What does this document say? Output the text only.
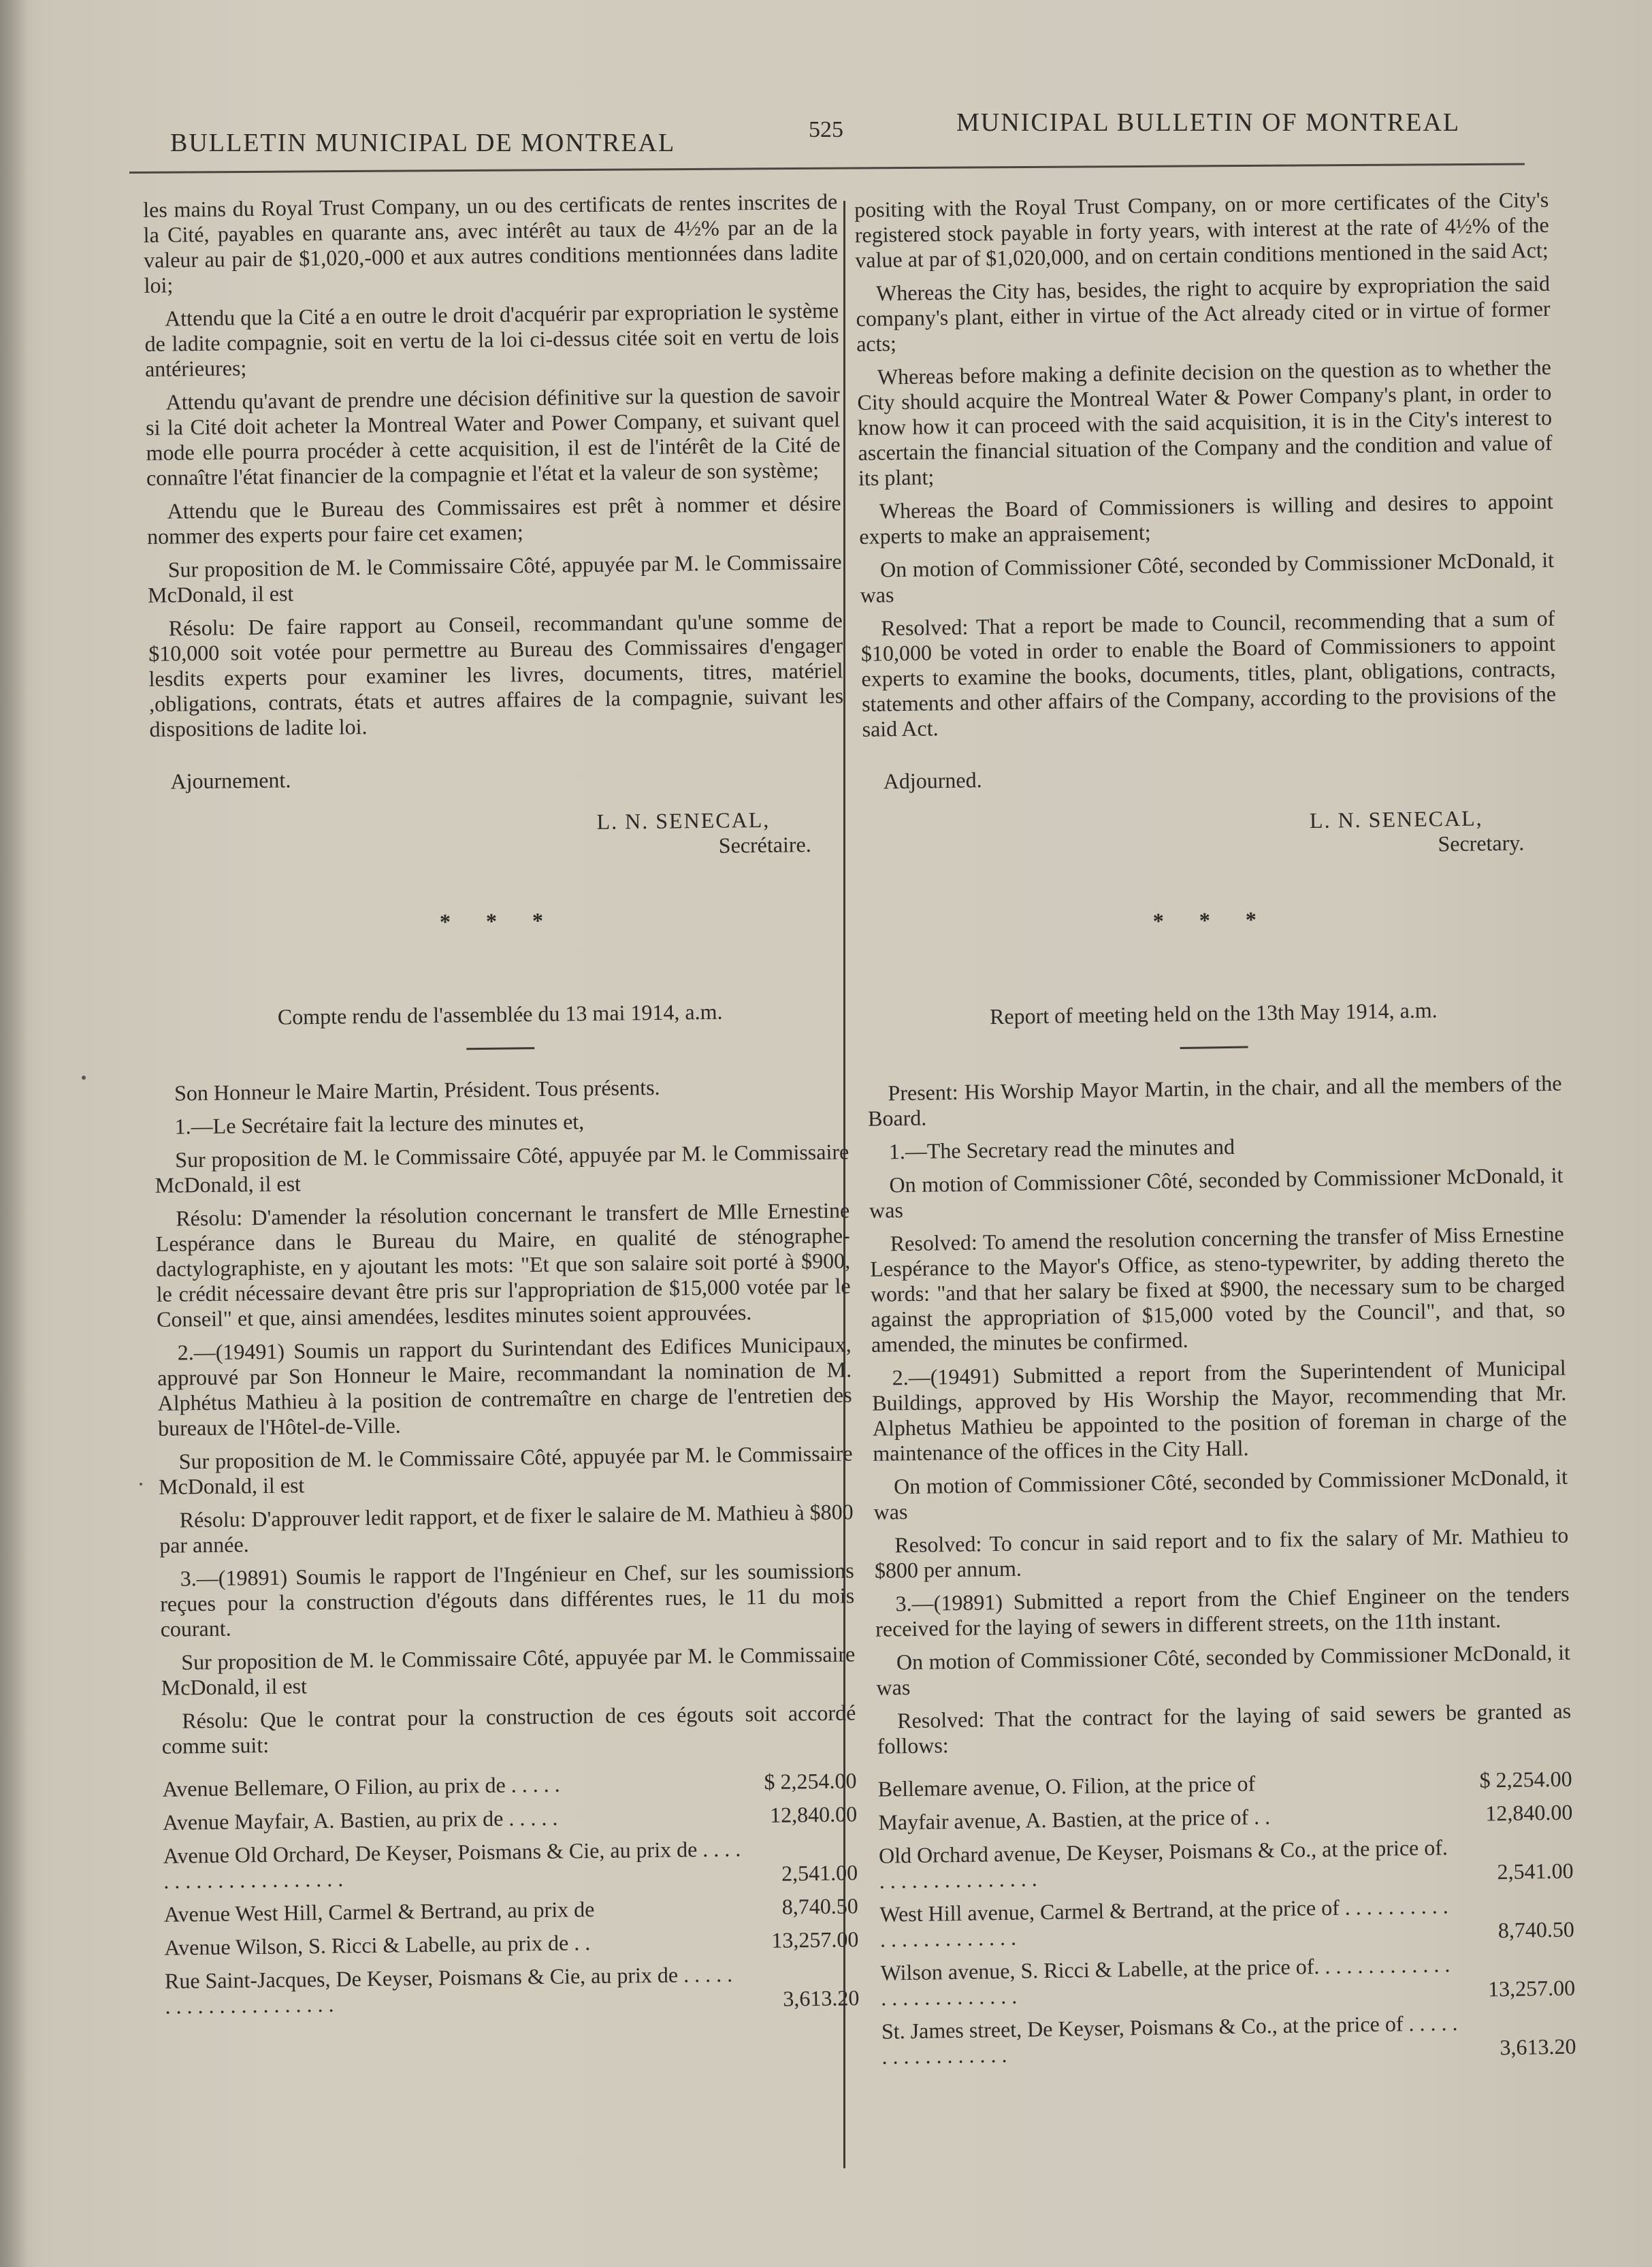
BULLETIN MUNICIPAL DE MONTREAL	525	MUNICIPAL BULLETIN OF MONTREAL

les mains du Royal Trust Company, un ou des certificats de rentes inscrites de la Cité, payables en quarante ans, avec intérêt au taux de 4½% par an de la valeur au pair de $1,020,-000 et aux autres conditions mentionnées dans ladite loi;

Attendu que la Cité a en outre le droit d'acquérir par expropriation le système de ladite compagnie, soit en vertu de la loi ci-dessus citée soit en vertu de lois antérieures;

Attendu qu'avant de prendre une décision définitive sur la question de savoir si la Cité doit acheter la Montreal Water and Power Company, et suivant quel mode elle pourra procéder à cette acquisition, il est de l'intérêt de la Cité de connaître l'état financier de la compagnie et l'état et la valeur de son système;

Attendu que le Bureau des Commissaires est prêt à nommer et désire nommer des experts pour faire cet examen;

Sur proposition de M. le Commissaire Côté, appuyée par M. le Commissaire McDonald, il est

Résolu: De faire rapport au Conseil, recommandant qu'une somme de $10,000 soit votée pour permettre au Bureau des Commissaires d'engager lesdits experts pour examiner les livres, documents, titres, matériel ,obligations, contrats, états et autres affaires de la compagnie, suivant les dispositions de ladite loi.

Ajournement.

L. N. SENECAL,
Secrétaire.
* * *
Compte rendu de l'assemblée du 13 mai 1914, a.m.

Son Honneur le Maire Martin, Président. Tous présents.

1.—Le Secrétaire fait la lecture des minutes et,

Sur proposition de M. le Commissaire Côté, appuyée par M. le Commissaire McDonald, il est

Résolu: D'amender la résolution concernant le transfert de Mlle Ernestine Lespérance dans le Bureau du Maire, en qualité de sténographe-dactylographiste, en y ajoutant les mots: "Et que son salaire soit porté à $900, le crédit nécessaire devant être pris sur l'appropriation de $15,000 votée par le Conseil" et que, ainsi amendées, lesdites minutes soient approuvées.

2.—(19491) Soumis un rapport du Surintendant des Edifices Municipaux, approuvé par Son Honneur le Maire, recommandant la nomination de M. Alphétus Mathieu à la position de contremaître en charge de l'entretien des bureaux de l'Hôtel-de-Ville.

Sur proposition de M. le Commissaire Côté, appuyée par M. le Commissaire McDonald, il est

Résolu: D'approuver ledit rapport, et de fixer le salaire de M. Mathieu à $800 par année.

3.—(19891) Soumis le rapport de l'Ingénieur en Chef, sur les soumissions reçues pour la construction d'égouts dans différentes rues, le 11 du mois courant.

Sur proposition de M. le Commissaire Côté, appuyée par M. le Commissaire McDonald, il est

Résolu: Que le contrat pour la construction de ces égouts soit accordé comme suit:

Avenue Bellemare, O Filion, au prix de . . . . .	$ 2,254.00
Avenue Mayfair, A. Bastien, au prix de . . . . .	12,840.00
Avenue Old Orchard, De Keyser, Poismans & Cie, au prix de . . . . . . . . . . . . . . . . . . . . .	2,541.00
Avenue West Hill, Carmel & Bertrand, au prix de	8,740.50
Avenue Wilson, S. Ricci & Labelle, au prix de . .	13,257.00
Rue Saint-Jacques, De Keyser, Poismans & Cie, au prix de . . . . . . . . . . . . . . . . . . . . .	3,613.20

positing with the Royal Trust Company, on or more certificates of the City's registered stock payable in forty years, with interest at the rate of 4½% of the value at par of $1,020,000, and on certain conditions mentioned in the said Act;

Whereas the City has, besides, the right to acquire by expropriation the said company's plant, either in virtue of the Act already cited or in virtue of former acts;

Whereas before making a definite decision on the question as to whether the City should acquire the Montreal Water & Power Company's plant, in order to know how it can proceed with the said acquisition, it is in the City's interest to ascertain the financial situation of the Company and the condition and value of its plant;

Whereas the Board of Commissioners is willing and desires to appoint experts to make an appraisement;

On motion of Commissioner Côté, seconded by Commissioner McDonald, it was

Resolved: That a report be made to Council, recommending that a sum of $10,000 be voted in order to enable the Board of Commissioners to appoint experts to examine the books, documents, titles, plant, obligations, contracts, statements and other affairs of the Company, according to the provisions of the said Act.

Adjourned.

L. N. SENECAL,
Secretary.
* * *
Report of meeting held on the 13th May 1914, a.m.

Present: His Worship Mayor Martin, in the chair, and all the members of the Board.

1.—The Secretary read the minutes and

On motion of Commissioner Côté, seconded by Commissioner McDonald, it was

Resolved: To amend the resolution concerning the transfer of Miss Ernestine Lespérance to the Mayor's Office, as steno-typewriter, by adding thereto the words: "and that her salary be fixed at $900, the necessary sum to be charged against the appropriation of $15,000 voted by the Council", and that, so amended, the minutes be confirmed.

2.—(19491) Submitted a report from the Superintendent of Municipal Buildings, approved by His Worship the Mayor, recommending that Mr. Alphetus Mathieu be appointed to the position of foreman in charge of the maintenance of the offices in the City Hall.

On motion of Commissioner Côté, seconded by Commissioner McDonald, it was

Resolved: To concur in said report and to fix the salary of Mr. Mathieu to $800 per annum.

3.—(19891) Submitted a report from the Chief Engineer on the tenders received for the laying of sewers in different streets, on the 11th instant.

On motion of Commissioner Côté, seconded by Commissioner McDonald, it was

Resolved: That the contract for the laying of said sewers be granted as follows:

Bellemare avenue, O. Filion, at the price of	$ 2,254.00
Mayfair avenue, A. Bastien, at the price of . .	12,840.00
Old Orchard avenue, De Keyser, Poismans & Co., at the price of. . . . . . . . . . . . . . . .	2,541.00
West Hill avenue, Carmel & Bertrand, at the price of . . . . . . . . . . . . . . . . . . . . . . .	8,740.50
Wilson avenue, S. Ricci & Labelle, at the price of. . . . . . . . . . . . . . . . . . . . . . . . . .	13,257.00
St. James street, De Keyser, Poismans & Co., at the price of . . . . . . . . . . . . . . . . .	3,613.20
